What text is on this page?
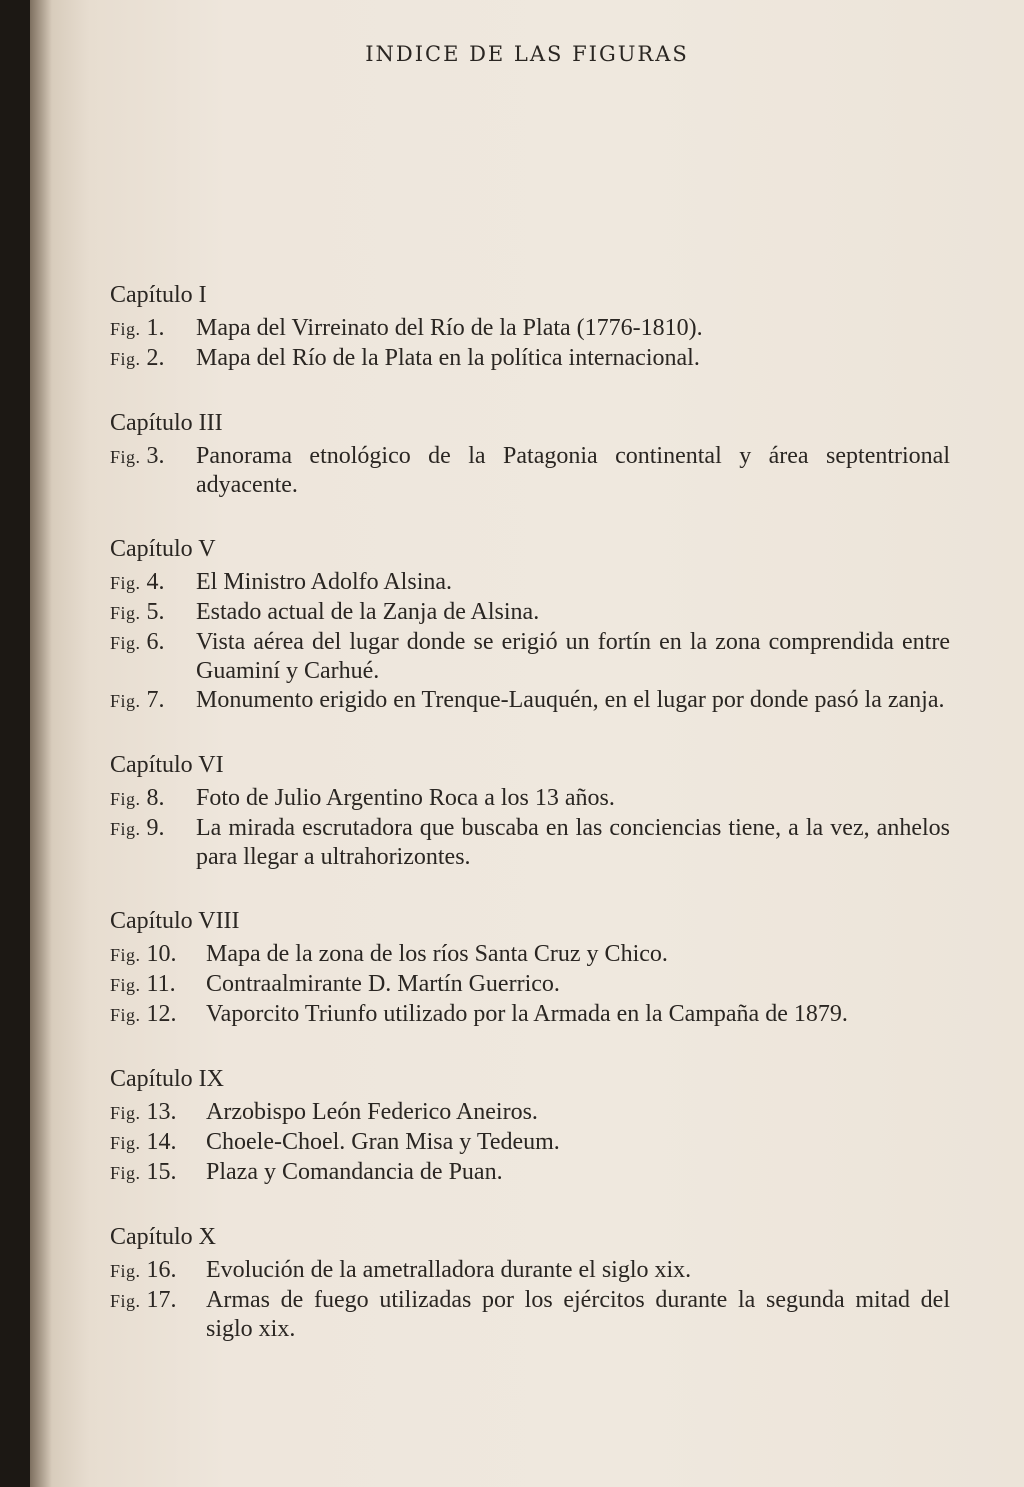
INDICE DE LAS FIGURAS
Capítulo I
Fig. 1.	Mapa del Virreinato del Río de la Plata (1776-1810).
Fig. 2.	Mapa del Río de la Plata en la política internacional.
Capítulo III
Fig. 3.	Panorama etnológico de la Patagonia continental y área septentrional adyacente.
Capítulo V
Fig. 4.	El Ministro Adolfo Alsina.
Fig. 5.	Estado actual de la Zanja de Alsina.
Fig. 6.	Vista aérea del lugar donde se erigió un fortín en la zona comprendida entre Guaminí y Carhué.
Fig. 7.	Monumento erigido en Trenque-Lauquén, en el lugar por donde pasó la zanja.
Capítulo VI
Fig. 8.	Foto de Julio Argentino Roca a los 13 años.
Fig. 9.	La mirada escrutadora que buscaba en las conciencias tiene, a la vez, anhelos para llegar a ultrahorizontes.
Capítulo VIII
Fig. 10.	Mapa de la zona de los ríos Santa Cruz y Chico.
Fig. 11.	Contraalmirante D. Martín Guerrico.
Fig. 12.	Vaporcito Triunfo utilizado por la Armada en la Campaña de 1879.
Capítulo IX
Fig. 13.	Arzobispo León Federico Aneiros.
Fig. 14.	Choele-Choel. Gran Misa y Tedeum.
Fig. 15.	Plaza y Comandancia de Puan.
Capítulo X
Fig. 16.	Evolución de la ametralladora durante el siglo xix.
Fig. 17.	Armas de fuego utilizadas por los ejércitos durante la segunda mitad del siglo xix.
